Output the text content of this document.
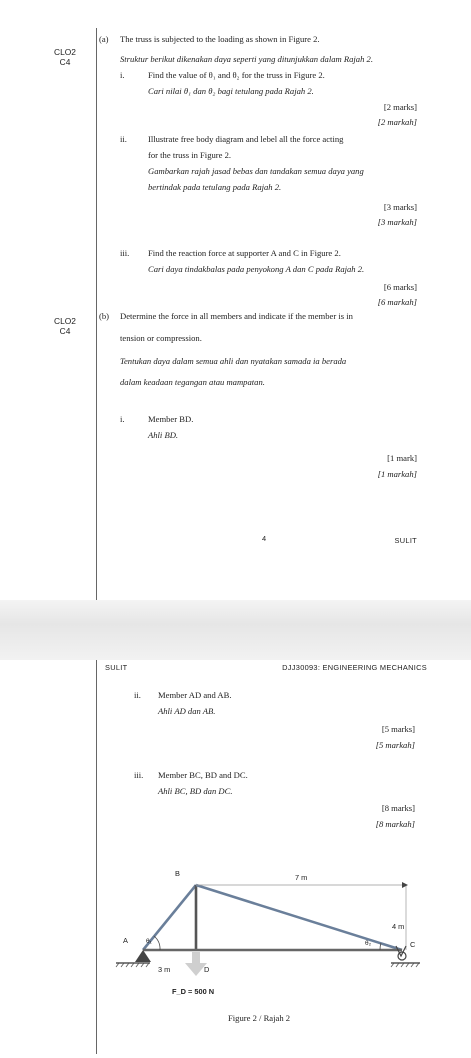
CLO2
C4
(a) The truss is subjected to the loading as shown in Figure 2.
Struktur berikut dikenakan daya seperti yang ditunjukkan dalam Rajah 2.
i.	Find the value of θ₁ and θ₂ for the truss in Figure 2.
Cari nilai θ₁ dan θ₂ bagi tetulang pada Rajah 2.
[2 marks]
[2 markah]
ii. Illustrate free body diagram and lebel all the force acting
for the truss in Figure 2.
Gambarkan rajah jasad bebas dan tandakan semua daya yang
bertindak pada tetulang pada Rajah 2.
[3 marks]
[3 markah]
iii. Find the reaction force at supporter A and C in Figure 2.
Cari daya tindakbalas pada penyokong A dan C pada Rajah 2.
[6 marks]
[6 markah]
CLO2
C4
(b) Determine the force in all members and indicate if the member is in
tension or compression.
Tentukan daya dalam semua ahli dan nyatakan samada ia berada
dalam keadaan tegangan atau mampatan.
i.	Member BD.
Ahli BD.
[1 mark]
[1 markah]
4	SULIT
SULIT	DJJ30093: ENGINEERING MECHANICS
ii. Member AD and AB.
Ahli AD dan AB.
[5 marks]
[5 markah]
iii. Member BC, BD and DC.
Ahli BC, BD dan DC.
[8 marks]
[8 markah]
B
A	C
D
θ₁	θ₂
7 m
4 m
3 m
F_D = 500 N
Figure 2 / Rajah 2
